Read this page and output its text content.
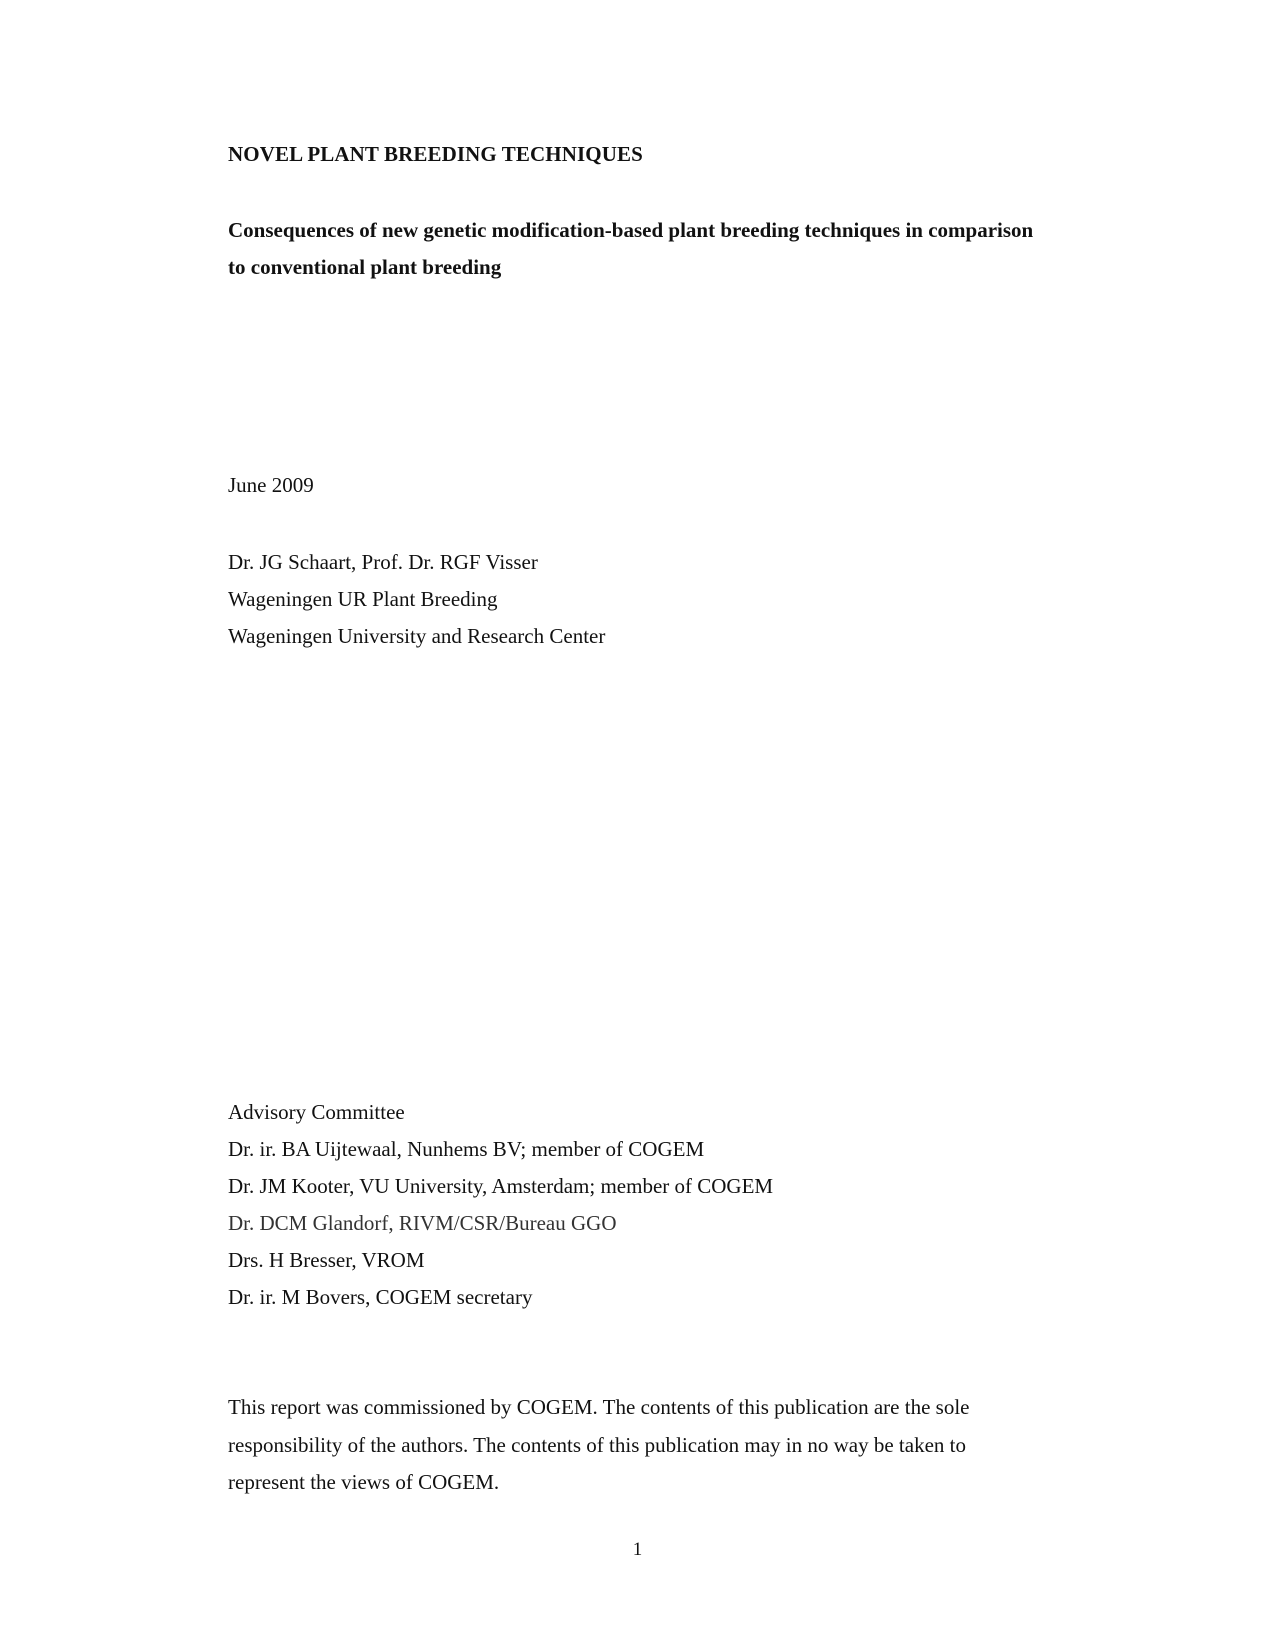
NOVEL PLANT BREEDING TECHNIQUES
Consequences of new genetic modification-based plant breeding techniques in comparison
to conventional plant breeding
June 2009
Dr. JG Schaart, Prof. Dr. RGF Visser
Wageningen UR Plant Breeding
Wageningen University and Research Center
Advisory Committee
Dr. ir. BA Uijtewaal, Nunhems BV; member of COGEM
Dr. JM Kooter, VU University, Amsterdam; member of COGEM
Dr. DCM Glandorf, RIVM/CSR/Bureau GGO
Drs. H Bresser, VROM
Dr. ir. M Bovers, COGEM secretary
This report was commissioned by COGEM. The contents of this publication are the sole
responsibility of the authors. The contents of this publication may in no way be taken to
represent the views of COGEM.
1
